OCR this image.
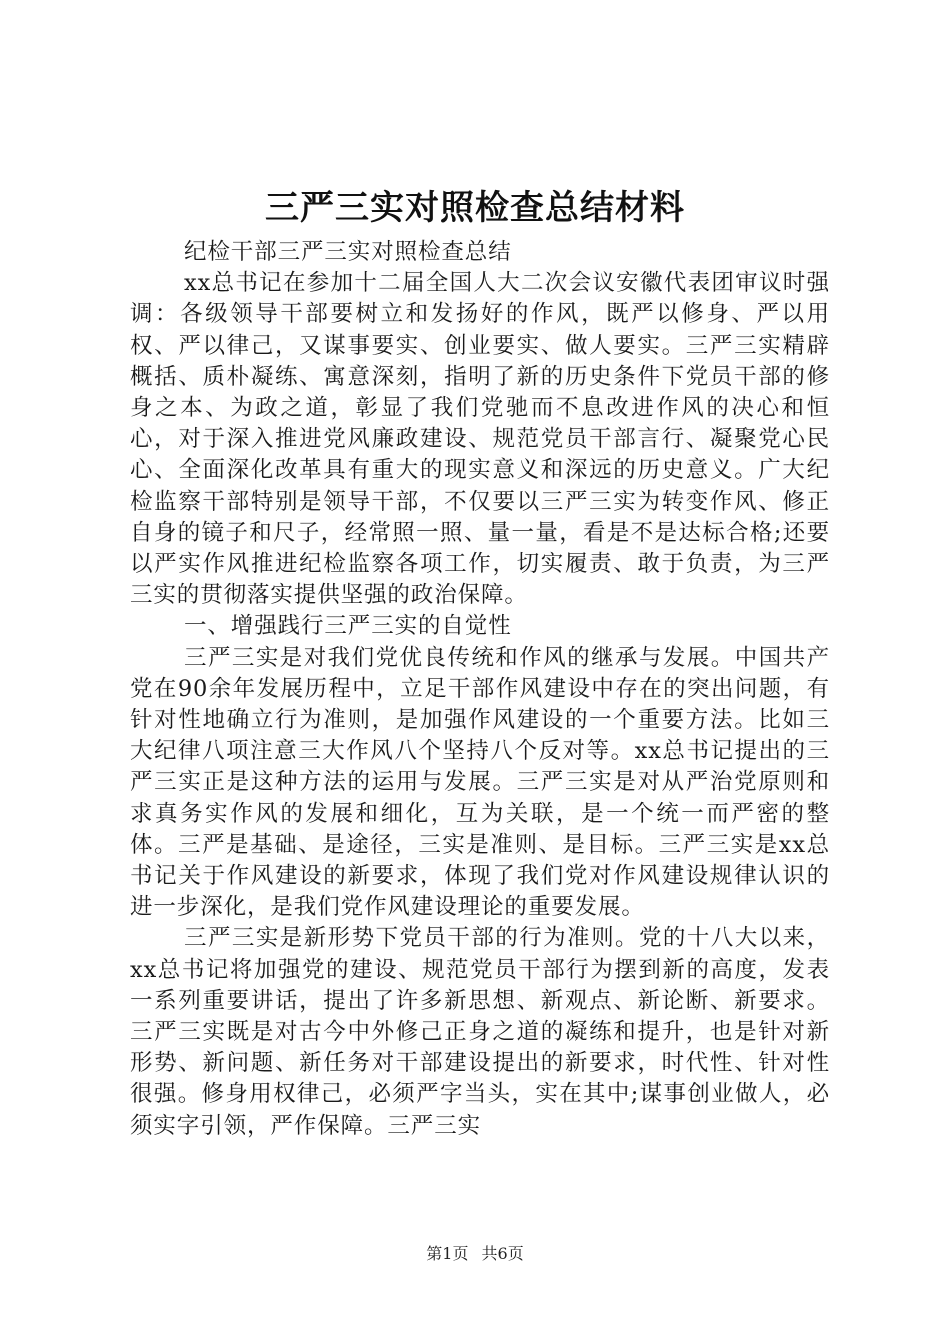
三严三实对照检查总结材料

纪检干部三严三实对照检查总结

xx总书记在参加十二届全国人大二次会议安徽代表团审议时强调：各级领导干部要树立和发扬好的作风，既严以修身、严以用权、严以律己，又谋事要实、创业要实、做人要实。三严三实精辟概括、质朴凝练、寓意深刻，指明了新的历史条件下党员干部的修身之本、为政之道，彰显了我们党驰而不息改进作风的决心和恒心，对于深入推进党风廉政建设、规范党员干部言行、凝聚党心民心、全面深化改革具有重大的现实意义和深远的历史意义。广大纪检监察干部特别是领导干部，不仅要以三严三实为转变作风、修正自身的镜子和尺子，经常照一照、量一量，看是不是达标合格;还要以严实作风推进纪检监察各项工作，切实履责、敢于负责，为三严三实的贯彻落实提供坚强的政治保障。

一、增强践行三严三实的自觉性

三严三实是对我们党优良传统和作风的继承与发展。中国共产党在90余年发展历程中，立足干部作风建设中存在的突出问题，有针对性地确立行为准则，是加强作风建设的一个重要方法。比如三大纪律八项注意三大作风八个坚持八个反对等。xx总书记提出的三严三实正是这种方法的运用与发展。三严三实是对从严治党原则和求真务实作风的发展和细化，互为关联，是一个统一而严密的整体。三严是基础、是途径，三实是准则、是目标。三严三实是xx总书记关于作风建设的新要求，体现了我们党对作风建设规律认识的进一步深化，是我们党作风建设理论的重要发展。

三严三实是新形势下党员干部的行为准则。党的十八大以来，xx总书记将加强党的建设、规范党员干部行为摆到新的高度，发表一系列重要讲话，提出了许多新思想、新观点、新论断、新要求。三严三实既是对古今中外修己正身之道的凝练和提升，也是针对新形势、新问题、新任务对干部建设提出的新要求，时代性、针对性很强。修身用权律己，必须严字当头，实在其中;谋事创业做人，必须实字引领，严作保障。三严三实

第1页 共6页
